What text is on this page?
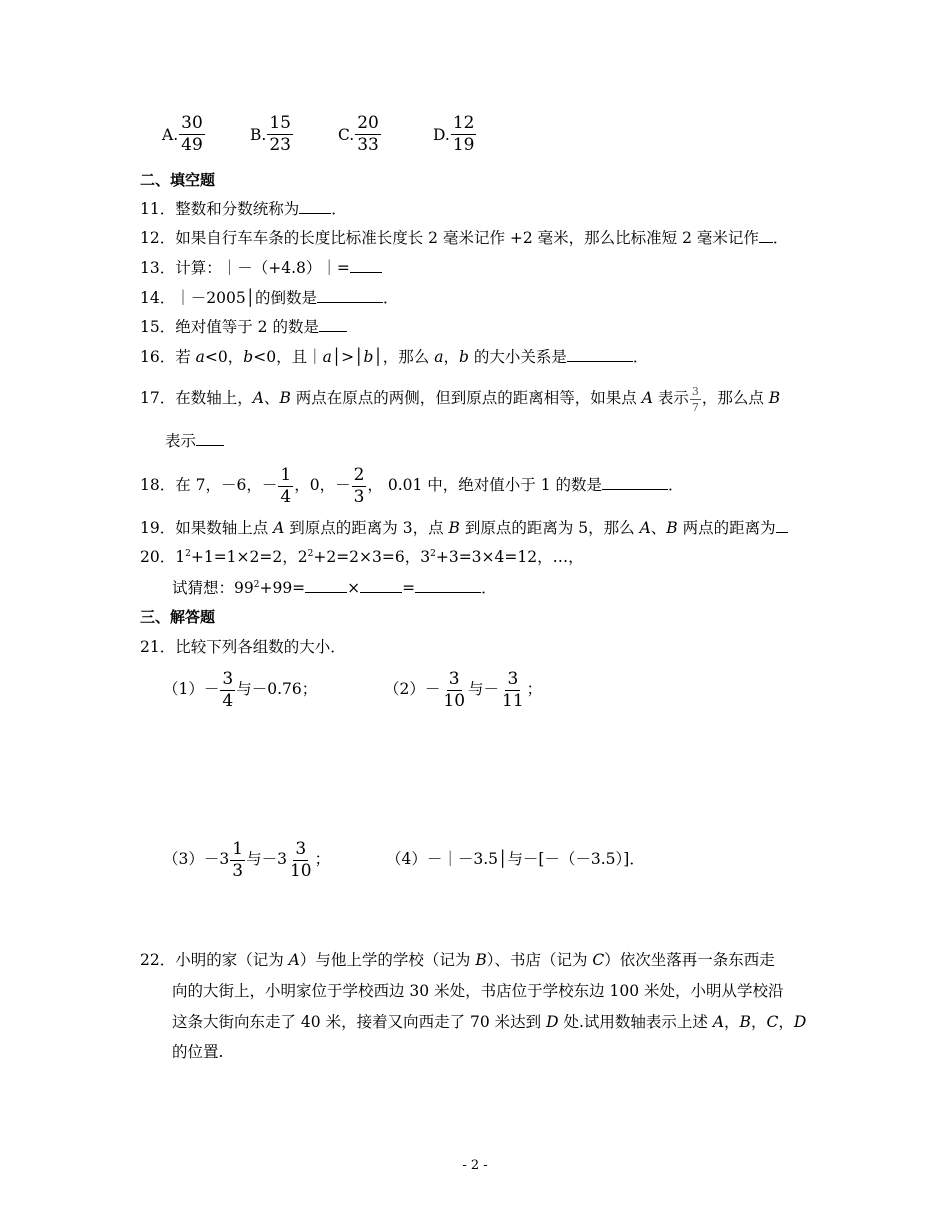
A. $\frac{30}{49}$	B. $\frac{15}{23}$	C. $\frac{20}{33}$	D. $\frac{12}{19}$
二、填空题
11．整数和分数统称为 ．
12．如果自行车车条的长度比标准长度长 2 毫米记作 +2 毫米，那么比标准短 2 毫米记作 ．
13．计算：｜－（+4.8）｜=
14．｜－2005│的倒数是	．
15．绝对值等于 2 的数是
16．若 a<0，b<0，且｜a│>│b│，那么 a，b 的大小关系是	．
17．在数轴上，A、B 两点在原点的两侧，但到原点的距离相等，如果点 A 表示 $\frac{3}{7}$ ，那么点 B
表示
18．在 7，－6，－ $\frac{1}{4}$ ，0，－ $\frac{2}{3}$ ， 0.01 中，绝对值小于 1 的数是	．
19．如果数轴上点 A 到原点的距离为 3，点 B 到原点的距离为 5，那么 A、B 两点的距离为
20．$1^2+1=1\times 2=2$，$2^2+2=2\times 3=6$，$3^2+3=3\times 4=12$，…，
试猜想：$99^2+99=$	×	=	．
三、解答题
21．比较下列各组数的大小．
$(1)- \frac{3}{4}$ 与－0.76；	$(2)- \frac{3}{10}$ 与－ $\frac{3}{11}$ ；
$(3)-3 \frac{1}{3}$ 与$-3 \frac{3}{10}$ ；	（4）－｜－3.5│与－[－（－3.5）]．
22．小明的家（记为 A）与他上学的学校（记为 B）、书店（记为 C）依次坐落再一条东西走
向的大街上，小明家位于学校西边 30 米处，书店位于学校东边 100 米处，小明从学校沿
这条大街向东走了 40 米，接着又向西走了 70 米达到 D 处.试用数轴表示上述 A，B，C，D
的位置.
- 2 -
